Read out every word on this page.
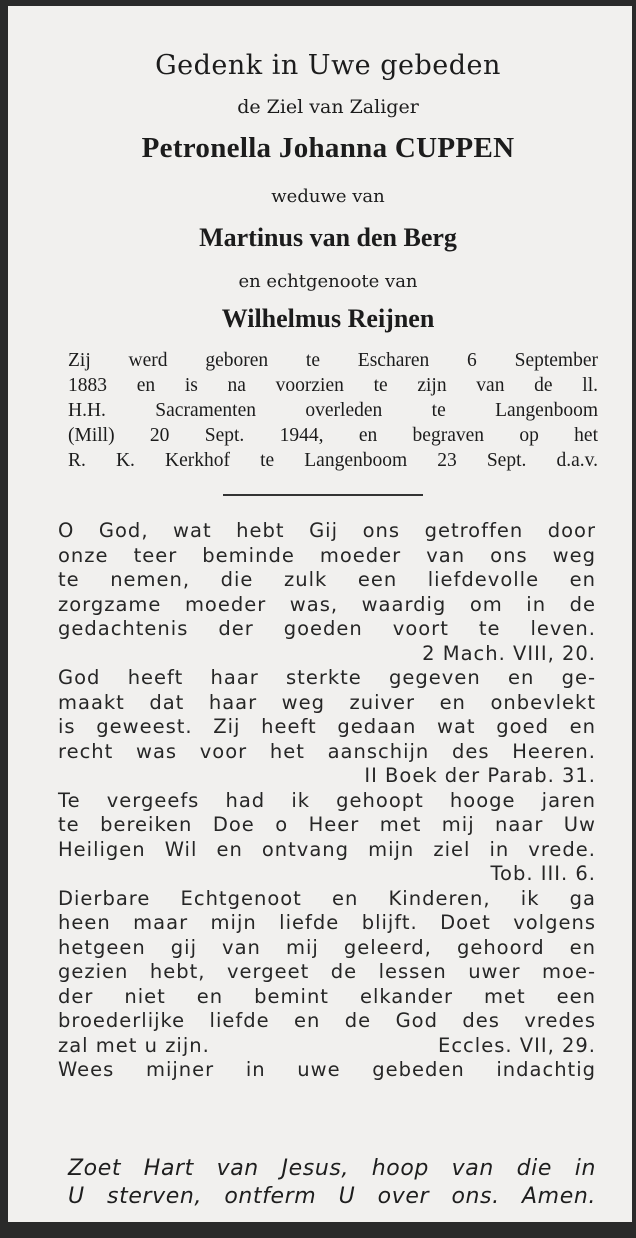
Gedenk in Uwe gebeden
de Ziel van Zaliger
Petronella Johanna CUPPEN
weduwe van
Martinus van den Berg
en echtgenoote van
Wilhelmus Reijnen
Zij werd geboren te Escharen 6 September
1883 en is na voorzien te zijn van de ll.
H.H. Sacramenten overleden te Langenboom
(Mill) 20 Sept. 1944, en begraven op het
R. K. Kerkhof te Langenboom 23 Sept. d.a.v.
O God, wat hebt Gij ons getroffen door
onze teer beminde moeder van ons weg
te nemen, die zulk een liefdevolle en
zorgzame moeder was, waardig om in de
gedachtenis der goeden voort te leven.
2 Mach. VIII, 20.
God heeft haar sterkte gegeven en ge-
maakt dat haar weg zuiver en onbevlekt
is geweest. Zij heeft gedaan wat goed en
recht was voor het aanschijn des Heeren.
II Boek der Parab. 31.
Te vergeefs had ik gehoopt hooge jaren
te bereiken Doe o Heer met mij naar Uw
Heiligen Wil en ontvang mijn ziel in vrede.
Tob. III. 6.
Dierbare Echtgenoot en Kinderen, ik ga
heen maar mijn liefde blijft. Doet volgens
hetgeen gij van mij geleerd, gehoord en
gezien hebt, vergeet de lessen uwer moe-
der niet en bemint elkander met een
broederlijke liefde en de God des vredes
zal met u zijn.	Eccles. VII, 29.
Wees mijner in uwe gebeden indachtig
Zoet Hart van Jesus, hoop van die in
U sterven, ontferm U over ons. Amen.
